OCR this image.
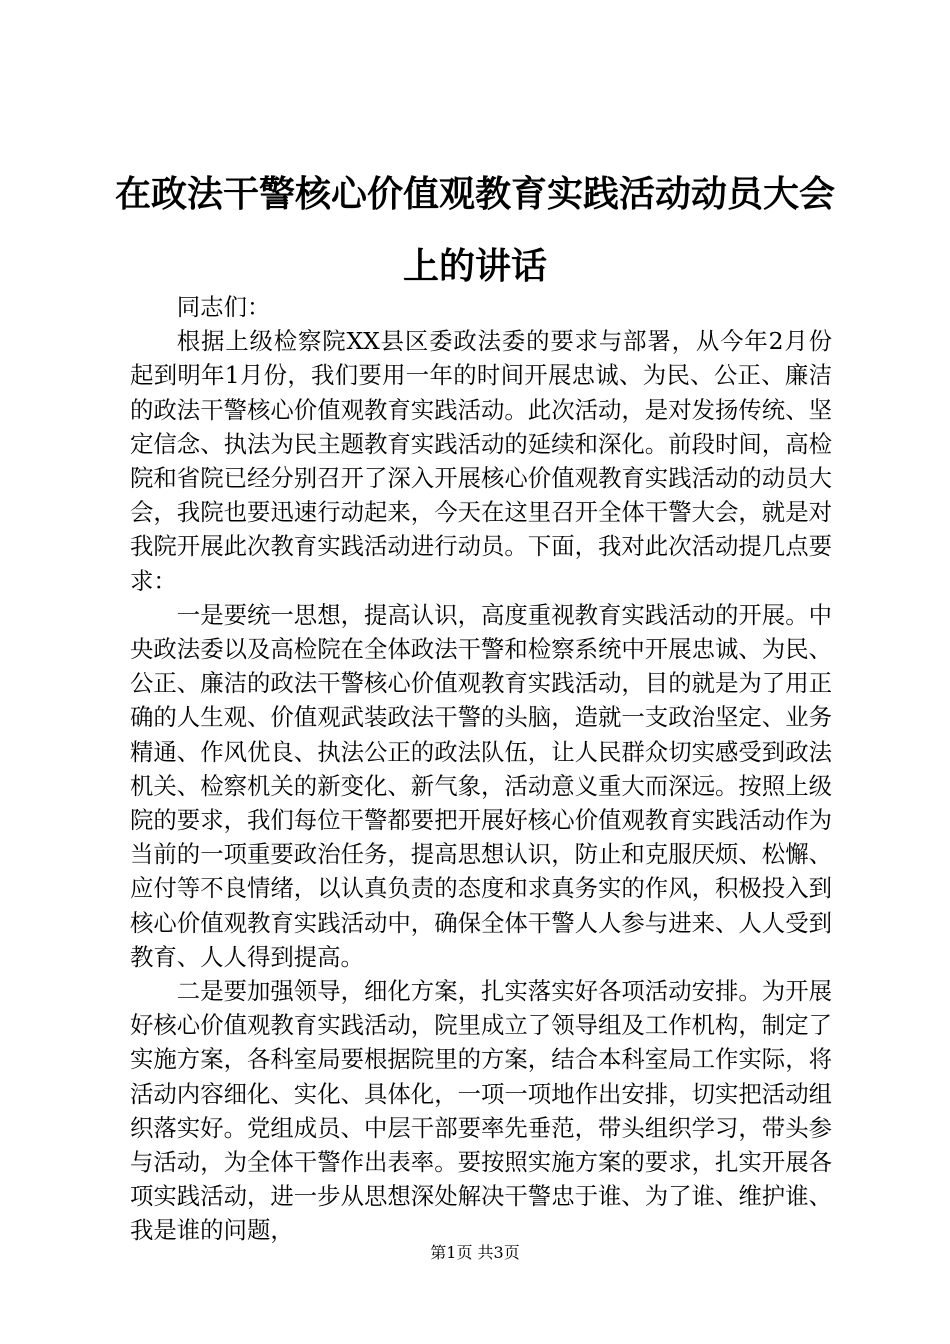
在政法干警核心价值观教育实践活动动员大会上的讲话

同志们：

根据上级检察院XX县区委政法委的要求与部署，从今年2月份起到明年1月份，我们要用一年的时间开展忠诚、为民、公正、廉洁的政法干警核心价值观教育实践活动。此次活动，是对发扬传统、坚定信念、执法为民主题教育实践活动的延续和深化。前段时间，高检院和省院已经分别召开了深入开展核心价值观教育实践活动的动员大会，我院也要迅速行动起来，今天在这里召开全体干警大会，就是对我院开展此次教育实践活动进行动员。下面，我对此次活动提几点要求：

一是要统一思想，提高认识，高度重视教育实践活动的开展。中央政法委以及高检院在全体政法干警和检察系统中开展忠诚、为民、公正、廉洁的政法干警核心价值观教育实践活动，目的就是为了用正确的人生观、价值观武装政法干警的头脑，造就一支政治坚定、业务精通、作风优良、执法公正的政法队伍，让人民群众切实感受到政法机关、检察机关的新变化、新气象，活动意义重大而深远。按照上级院的要求，我们每位干警都要把开展好核心价值观教育实践活动作为当前的一项重要政治任务，提高思想认识，防止和克服厌烦、松懈、应付等不良情绪，以认真负责的态度和求真务实的作风，积极投入到核心价值观教育实践活动中，确保全体干警人人参与进来、人人受到教育、人人得到提高。

二是要加强领导，细化方案，扎实落实好各项活动安排。为开展好核心价值观教育实践活动，院里成立了领导组及工作机构，制定了实施方案，各科室局要根据院里的方案，结合本科室局工作实际，将活动内容细化、实化、具体化，一项一项地作出安排，切实把活动组织落实好。党组成员、中层干部要率先垂范，带头组织学习，带头参与活动，为全体干警作出表率。要按照实施方案的要求，扎实开展各项实践活动，进一步从思想深处解决干警忠于谁、为了谁、维护谁、我是谁的问题，

第1页 共3页
